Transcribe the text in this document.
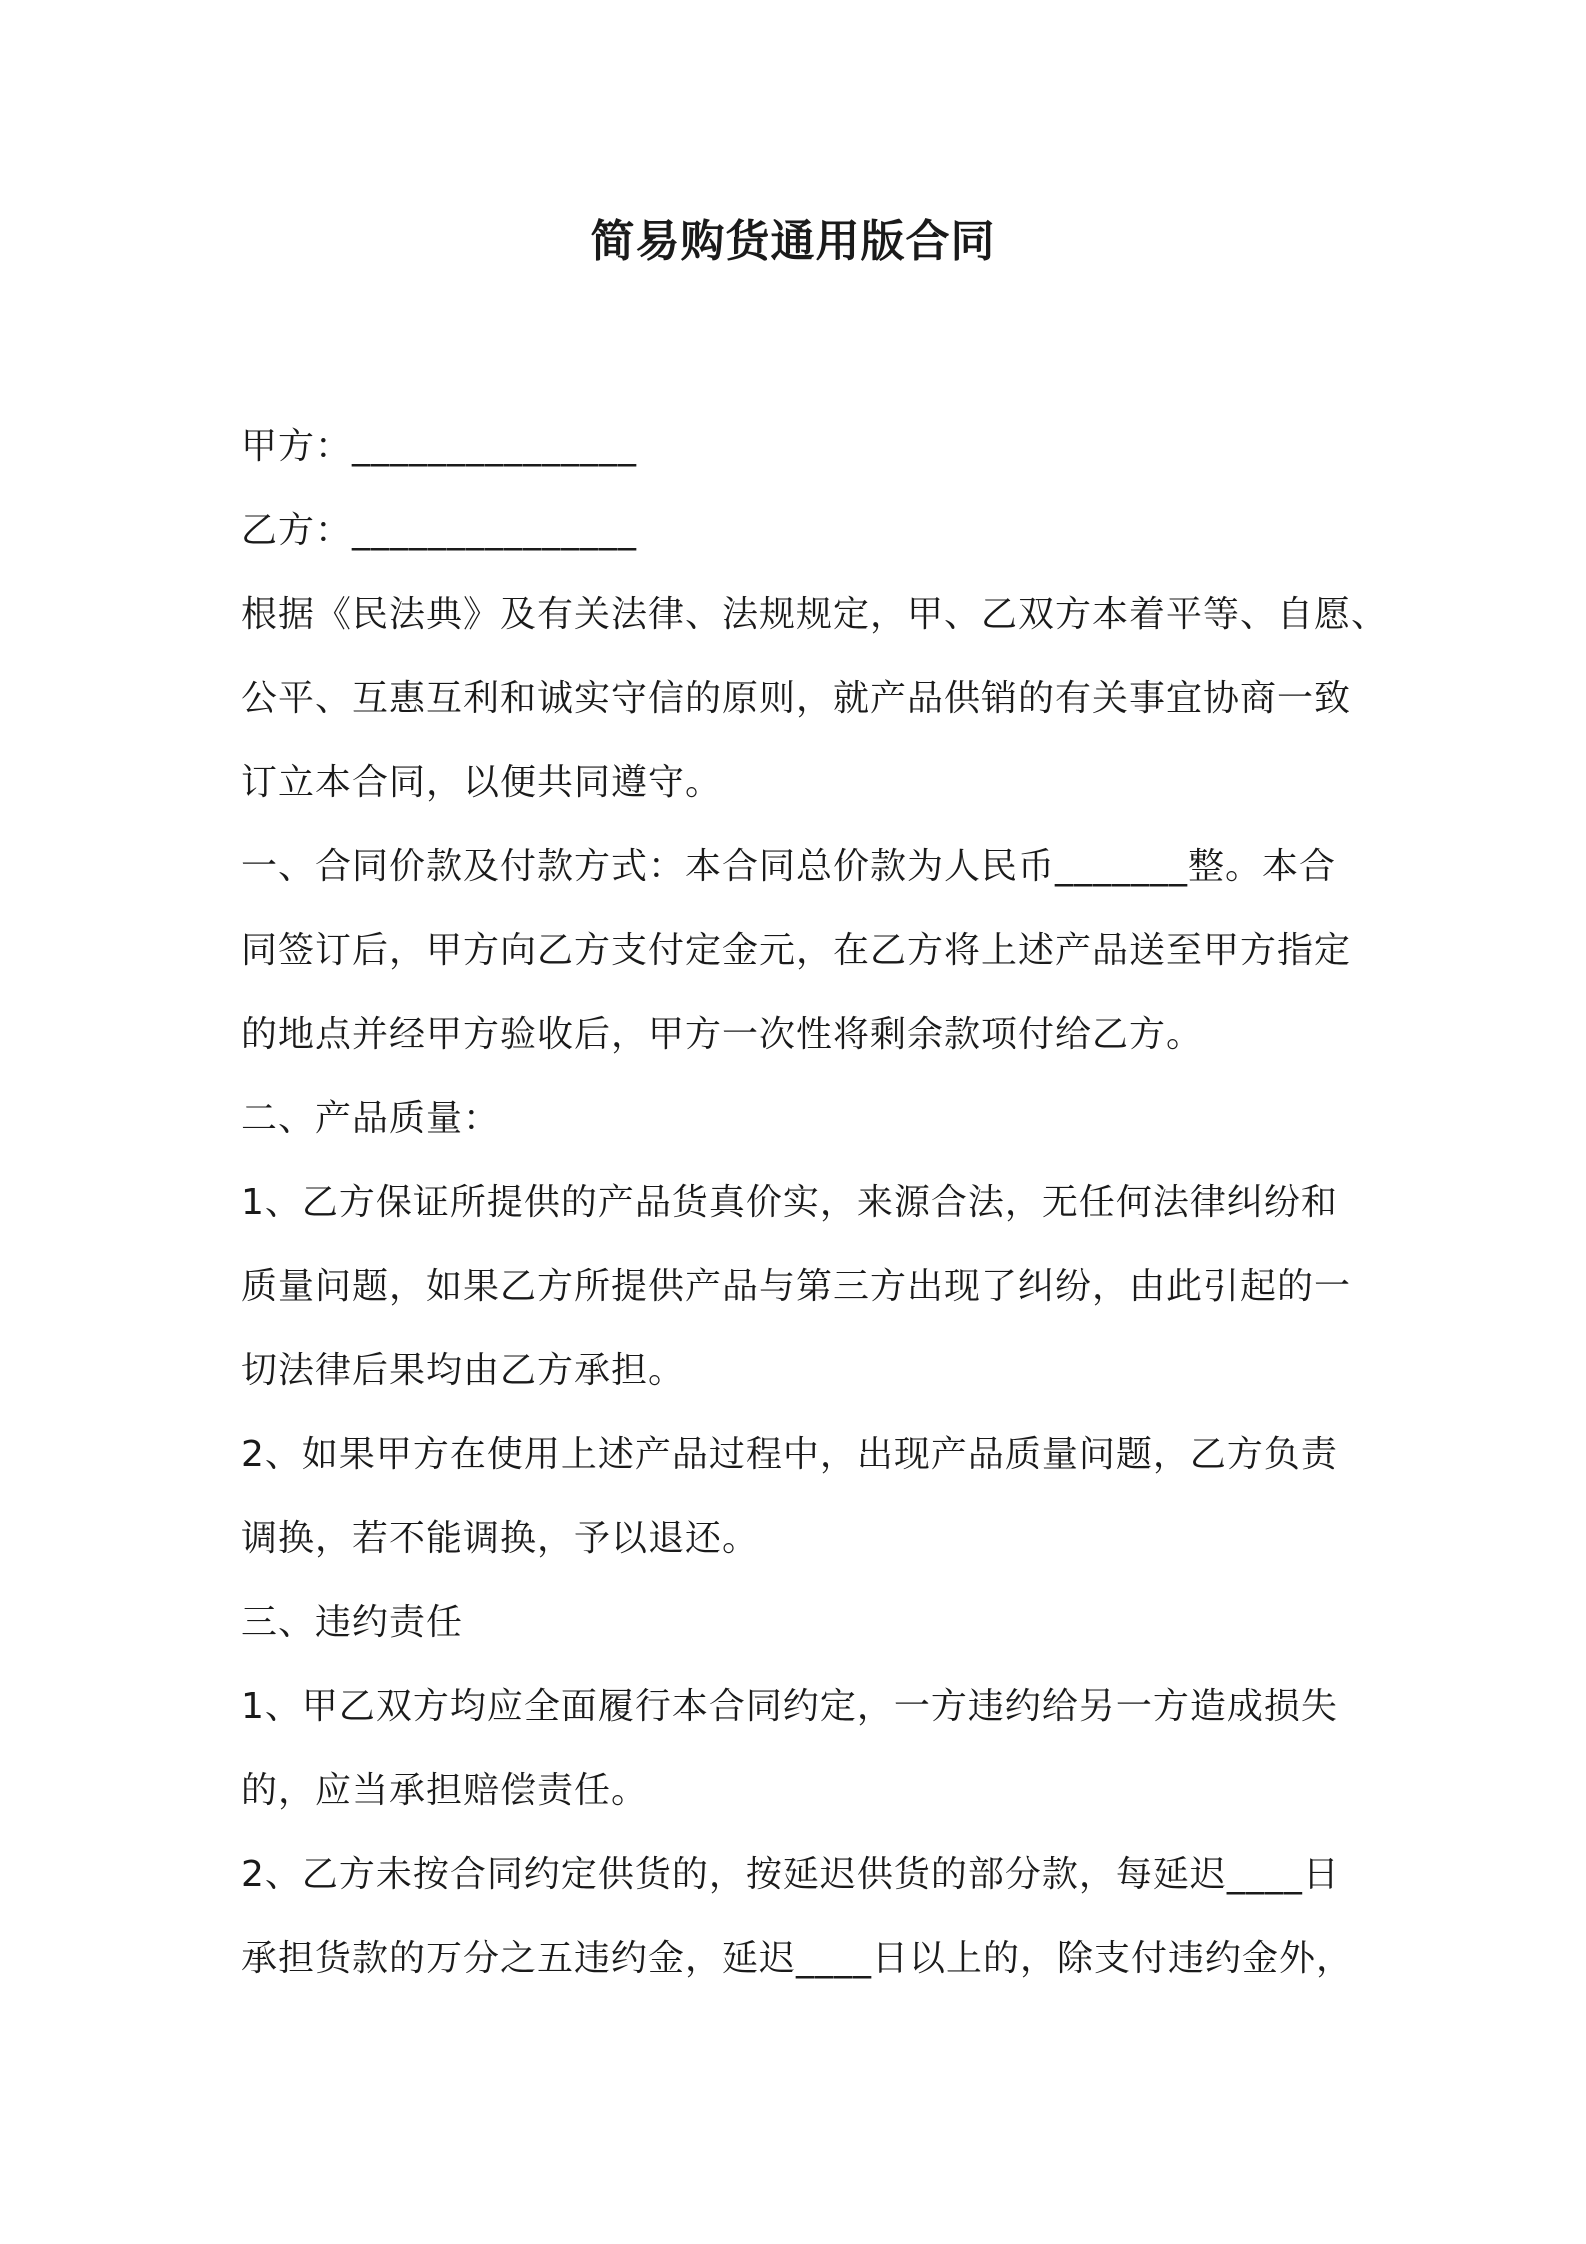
简易购货通用版合同

甲方：_______________

乙方：_______________

根据《民法典》及有关法律、法规规定，甲、乙双方本着平等、自愿、

公平、互惠互利和诚实守信的原则，就产品供销的有关事宜协商一致

订立本合同，以便共同遵守。

一、合同价款及付款方式：本合同总价款为人民币_______整。本合

同签订后，甲方向乙方支付定金元，在乙方将上述产品送至甲方指定

的地点并经甲方验收后，甲方一次性将剩余款项付给乙方。

二、产品质量：

1、乙方保证所提供的产品货真价实，来源合法，无任何法律纠纷和

质量问题，如果乙方所提供产品与第三方出现了纠纷，由此引起的一

切法律后果均由乙方承担。

2、如果甲方在使用上述产品过程中，出现产品质量问题，乙方负责

调换，若不能调换，予以退还。

三、违约责任

1、甲乙双方均应全面履行本合同约定，一方违约给另一方造成损失

的，应当承担赔偿责任。

2、乙方未按合同约定供货的，按延迟供货的部分款，每延迟____日

承担货款的万分之五违约金，延迟____日以上的，除支付违约金外，
